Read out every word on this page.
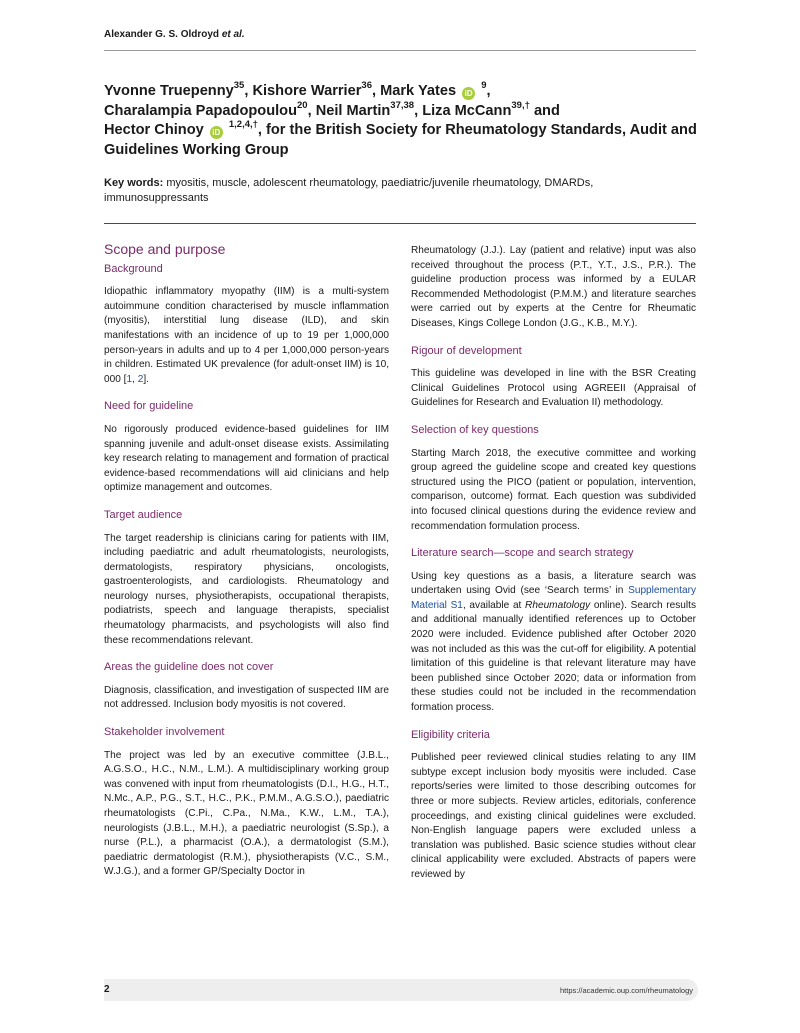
Alexander G. S. Oldroyd et al.
Yvonne Truepenny$^{35}$, Kishore Warrier$^{36}$, Mark Yates iD $^9$,
Charalampia Papadopoulou$^{20}$, Neil Martin$^{37,38}$, Liza McCann$^{39,\dagger}$ and
Hector Chinoy iD $^{1,2,4,\dagger}$, for the British Society for Rheumatology Standards, Audit and Guidelines Working Group
Key words: myositis, muscle, adolescent rheumatology, paediatric/juvenile rheumatology, DMARDs, immunosuppressants
Scope and purpose
Background

Idiopathic inflammatory myopathy (IIM) is a multi-system autoimmune condition characterised by muscle inflammation (myositis), interstitial lung disease (ILD), and skin manifestations with an incidence of up to 19 per 1,000,000 person-years in adults and up to 4 per 1,000,000 person-years in children. Estimated UK prevalence (for adult-onset IIM) is 10, 000 [1, 2].

Need for guideline

No rigorously produced evidence-based guidelines for IIM spanning juvenile and adult-onset disease exists. Assimilating key research relating to management and formation of practical evidence-based recommendations will aid clinicians and help optimize management and outcomes.

Target audience

The target readership is clinicians caring for patients with IIM, including paediatric and adult rheumatologists, neurologists, dermatologists, respiratory physicians, oncologists, gastroenterologists, and cardiologists. Rheumatology and neurology nurses, physiotherapists, occupational therapists, podiatrists, speech and language therapists, specialist rheumatology pharmacists, and psychologists will also find these recommendations relevant.

Areas the guideline does not cover

Diagnosis, classification, and investigation of suspected IIM are not addressed. Inclusion body myositis is not covered.

Stakeholder involvement

The project was led by an executive committee (J.B.L., A.G.S.O., H.C., N.M., L.M.). A multidisciplinary working group was convened with input from rheumatologists (D.I., H.G., H.T., N.Mc., A.P., P.G., S.T., H.C., P.K., P.M.M., A.G.S.O.), paediatric rheumatologists (C.Pi., C.Pa., N.Ma., K.W., L.M., T.A.), neurologists (J.B.L., M.H.), a paediatric neurologist (S.Sp.), a nurse (P.L.), a pharmacist (O.A.), a dermatologist (S.M.), paediatric dermatologist (R.M.), physiotherapists (V.C., S.M., W.J.G.), and a former GP/Specialty Doctor in

Rheumatology (J.J.). Lay (patient and relative) input was also received throughout the process (P.T., Y.T., J.S., P.R.). The guideline production process was informed by a EULAR Recommended Methodologist (P.M.M.) and literature searches were carried out by experts at the Centre for Rheumatic Diseases, Kings College London (J.G., K.B., M.Y.).

Rigour of development

This guideline was developed in line with the BSR Creating Clinical Guidelines Protocol using AGREEII (Appraisal of Guidelines for Research and Evaluation II) methodology.

Selection of key questions

Starting March 2018, the executive committee and working group agreed the guideline scope and created key questions structured using the PICO (patient or population, intervention, comparison, outcome) format. Each question was subdivided into focused clinical questions during the evidence review and recommendation formulation process.

Literature search—scope and search strategy

Using key questions as a basis, a literature search was undertaken using Ovid (see ‘Search terms’ in Supplementary Material S1, available at Rheumatology online). Search results and additional manually identified references up to October 2020 were included. Evidence published after October 2020 was not included as this was the cut-off for eligibility. A potential limitation of this guideline is that relevant literature may have been published since October 2020; data or information from these studies could not be included in the recommendation formation process.

Eligibility criteria

Published peer reviewed clinical studies relating to any IIM subtype except inclusion body myositis were included. Case reports/series were limited to those describing outcomes for three or more subjects. Review articles, editorials, conference proceedings, and existing clinical guidelines were excluded. Non-English language papers were excluded unless a translation was published. Basic science studies without clear clinical applicability were excluded. Abstracts of papers were reviewed by

2	https://academic.oup.com/rheumatology
